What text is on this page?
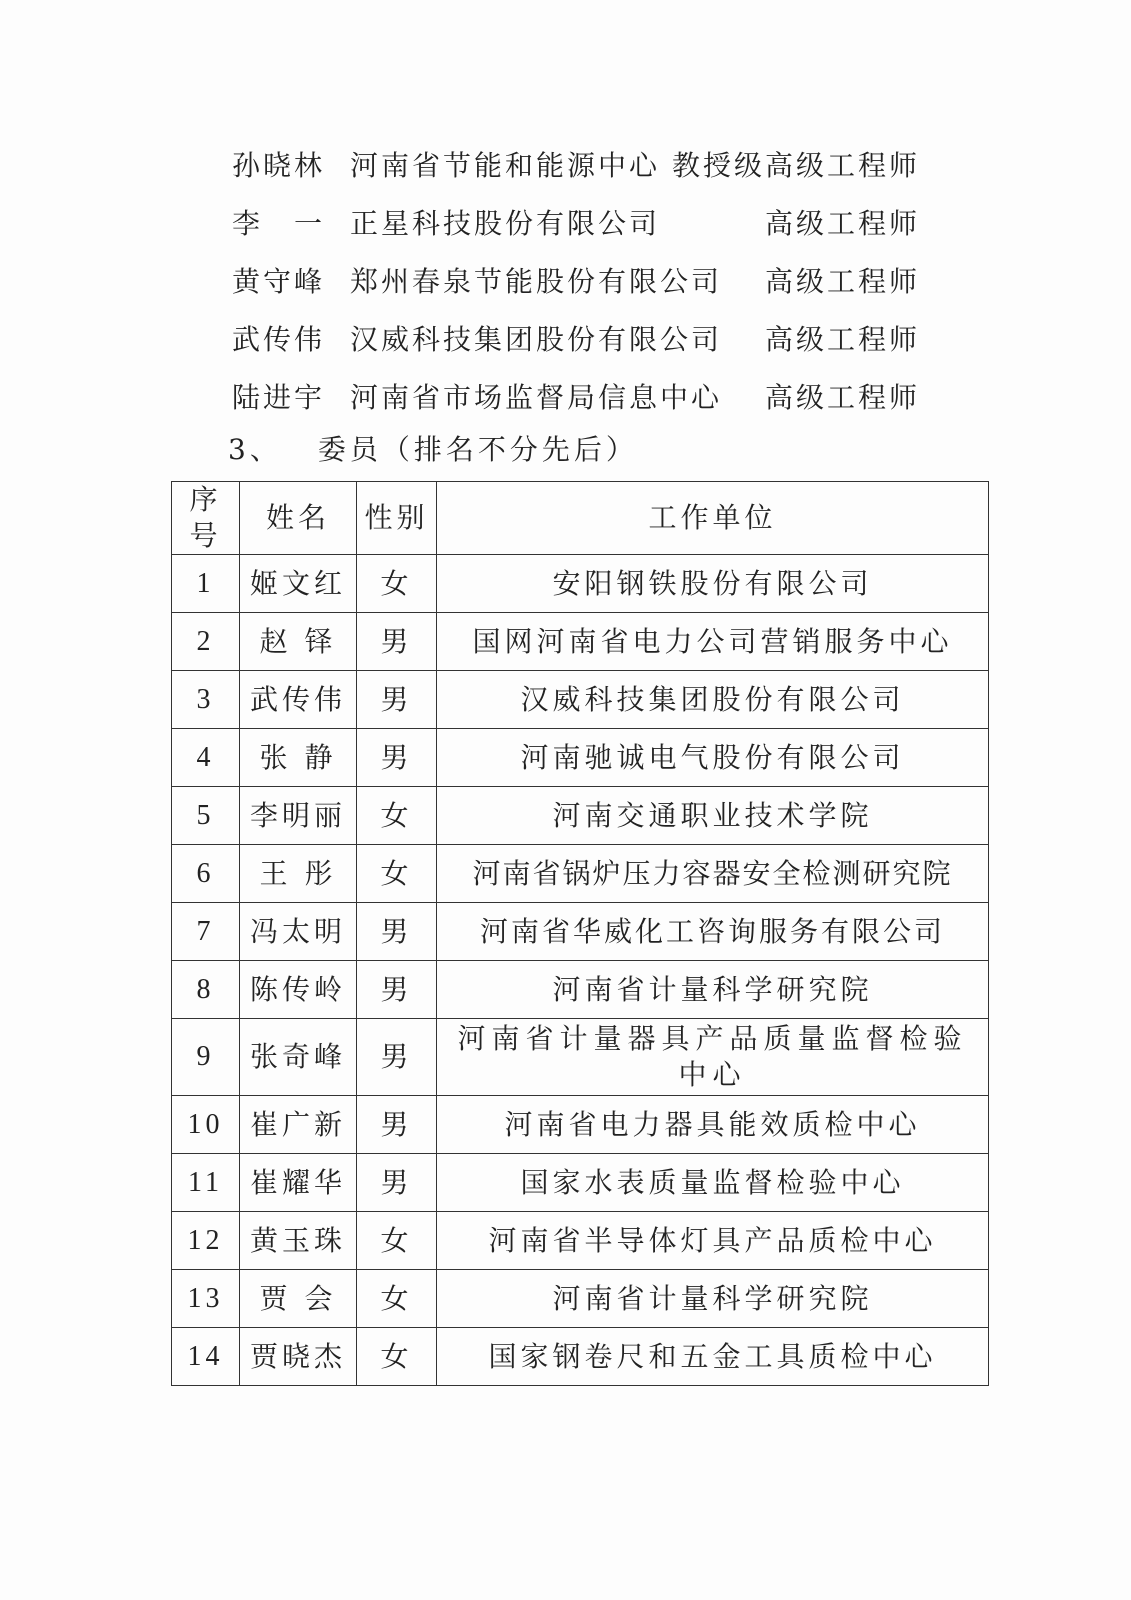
孙晓林 河南省节能和能源中心 教授级高级工程师
李　一 正星科技股份有限公司	高级工程师
黄守峰 郑州春泉节能股份有限公司 高级工程师
武传伟 汉威科技集团股份有限公司 高级工程师
陆进宇 河南省市场监督局信息中心 高级工程师
3、 委员（排名不分先后）
序号	姓名	性别	工作单位
1	姬文红	女	安阳钢铁股份有限公司
2	赵 铎	男	国网河南省电力公司营销服务中心
3	武传伟	男	汉威科技集团股份有限公司
4	张 静	男	河南驰诚电气股份有限公司
5	李明丽	女	河南交通职业技术学院
6	王 彤	女	河南省锅炉压力容器安全检测研究院
7	冯太明	男	河南省华威化工咨询服务有限公司
8	陈传岭	男	河南省计量科学研究院
9	张奇峰	男	河南省计量器具产品质量监督检验中心
10	崔广新	男	河南省电力器具能效质检中心
11	崔耀华	男	国家水表质量监督检验中心
12	黄玉珠	女	河南省半导体灯具产品质检中心
13	贾 会	女	河南省计量科学研究院
14	贾晓杰	女	国家钢卷尺和五金工具质检中心
